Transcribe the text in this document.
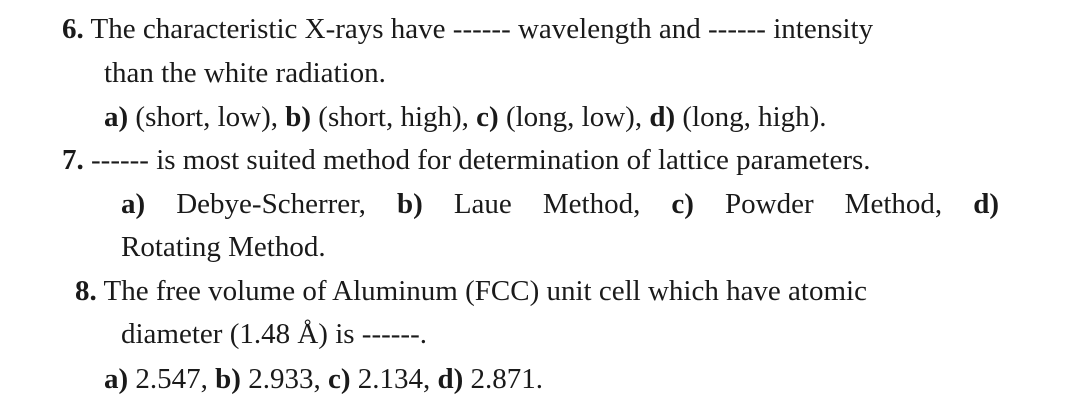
6. The characteristic X-rays have ------ wavelength and ------ intensity
than the white radiation.
a) (short, low), b) (short, high), c) (long, low), d) (long, high).
7. ------ is most suited method for determination of lattice parameters.
a) Debye-Scherrer, b) Laue Method, c) Powder Method, d)
Rotating Method.
8. The free volume of Aluminum (FCC) unit cell which have atomic
diameter (1.48 Å) is ------.
a) 2.547, b) 2.933, c) 2.134, d) 2.871.
